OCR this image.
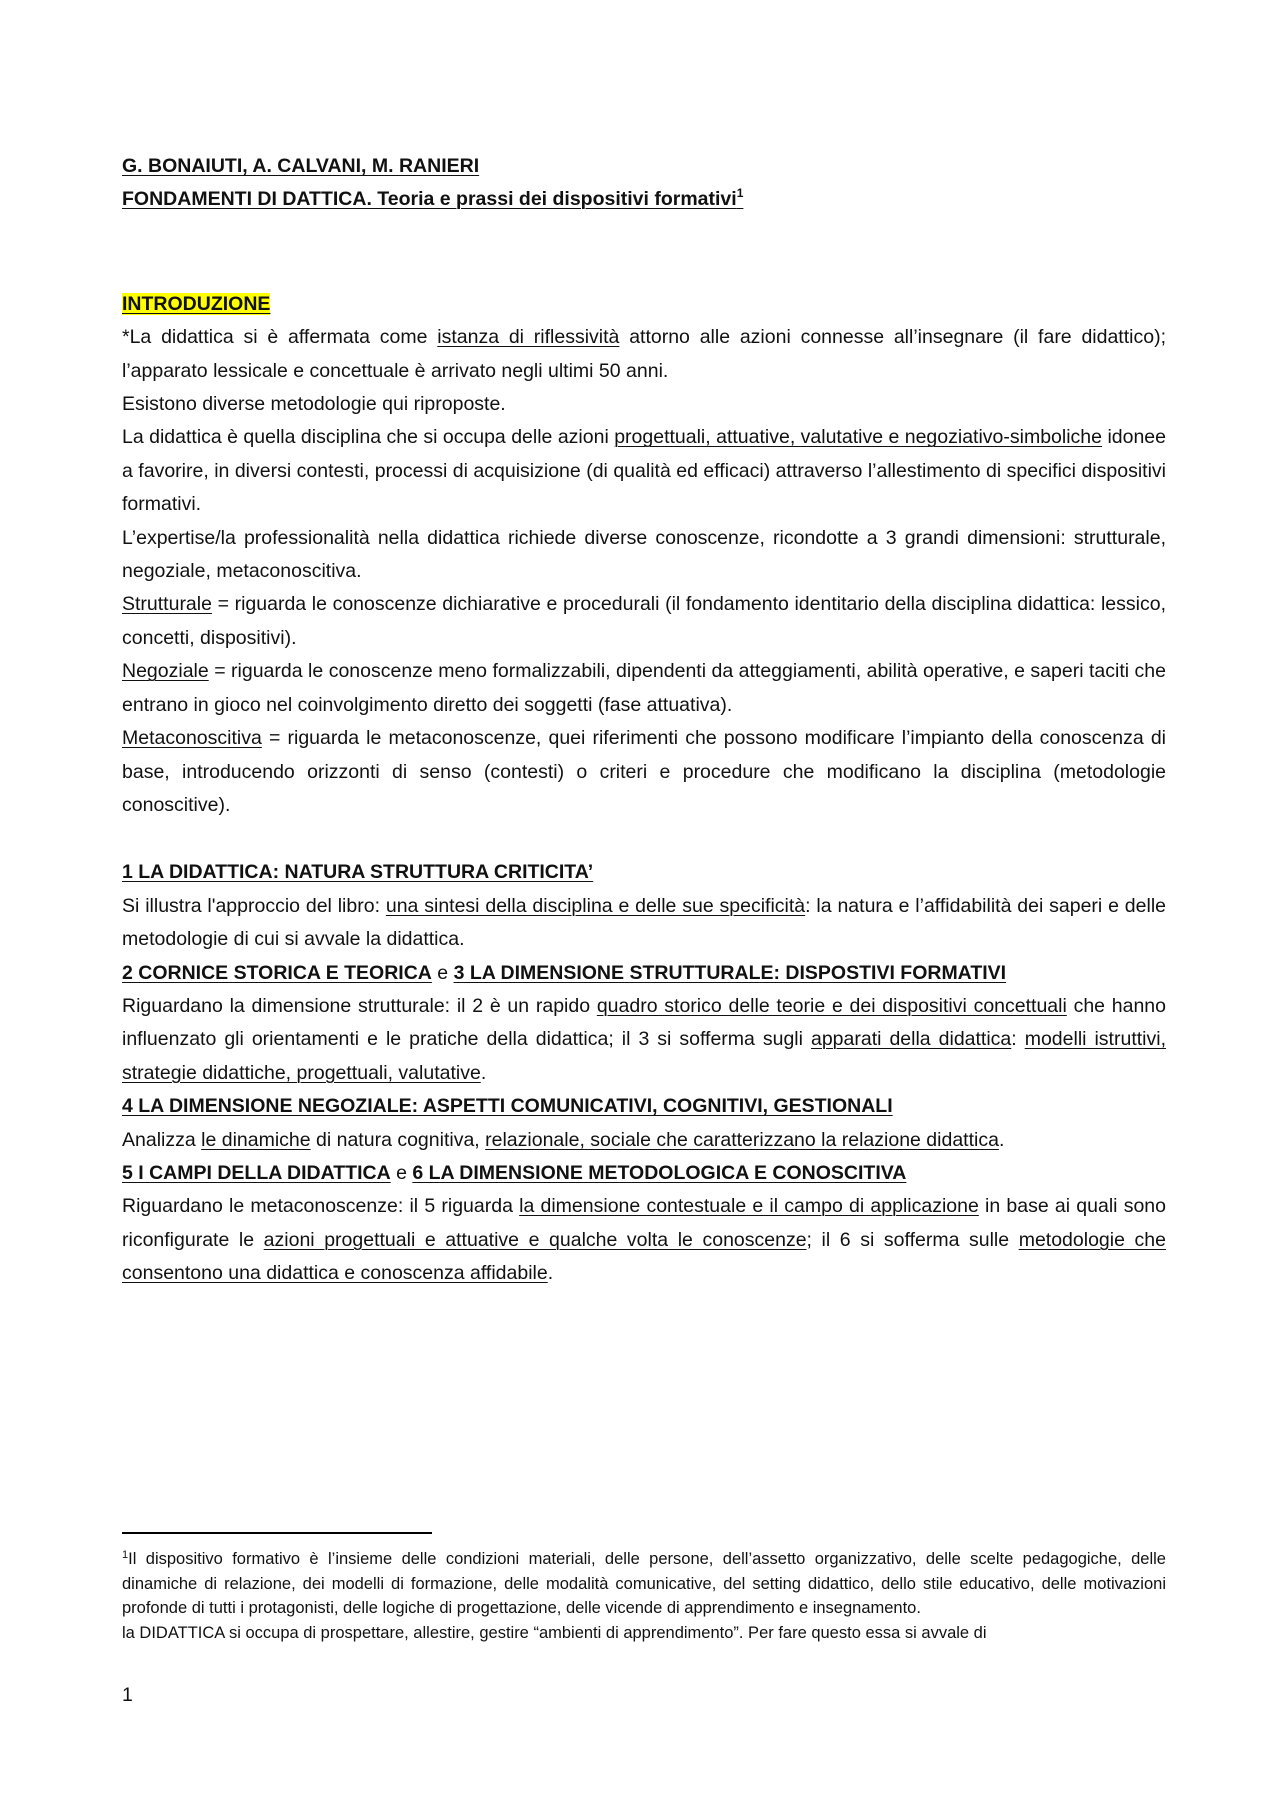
G. BONAIUTI, A. CALVANI, M. RANIERI

FONDAMENTI DI DATTICA. Teoria e prassi dei dispositivi formativi$^1$

INTRODUZIONE

*La didattica si è affermata come istanza di riflessività attorno alle azioni connesse all’insegnare (il fare didattico); l’apparato lessicale e concettuale è arrivato negli ultimi 50 anni.

Esistono diverse metodologie qui riproposte.

La didattica è quella disciplina che si occupa delle azioni progettuali, attuative, valutative e negoziativo-simboliche idonee a favorire, in diversi contesti, processi di acquisizione (di qualità ed efficaci) attraverso l’allestimento di specifici dispositivi formativi.

L’expertise/la professionalità nella didattica richiede diverse conoscenze, ricondotte a 3 grandi dimensioni: strutturale, negoziale, metaconoscitiva.

Strutturale = riguarda le conoscenze dichiarative e procedurali (il fondamento identitario della disciplina didattica: lessico, concetti, dispositivi).

Negoziale = riguarda le conoscenze meno formalizzabili, dipendenti da atteggiamenti, abilità operative, e saperi taciti che entrano in gioco nel coinvolgimento diretto dei soggetti (fase attuativa).

Metaconoscitiva = riguarda le metaconoscenze, quei riferimenti che possono modificare l’impianto della conoscenza di base, introducendo orizzonti di senso (contesti) o criteri e procedure che modificano la disciplina (metodologie conoscitive).

1 LA DIDATTICA: NATURA STRUTTURA CRITICITA’

Si illustra l'approccio del libro: una sintesi della disciplina e delle sue specificità: la natura e l’affidabilità dei saperi e delle metodologie di cui si avvale la didattica.

2 CORNICE STORICA E TEORICA e 3 LA DIMENSIONE STRUTTURALE: DISPOSTIVI FORMATIVI

Riguardano la dimensione strutturale: il 2 è un rapido quadro storico delle teorie e dei dispositivi concettuali che hanno influenzato gli orientamenti e le pratiche della didattica; il 3 si sofferma sugli apparati della didattica: modelli istruttivi, strategie didattiche, progettuali, valutative.

4 LA DIMENSIONE NEGOZIALE: ASPETTI COMUNICATIVI, COGNITIVI, GESTIONALI

Analizza le dinamiche di natura cognitiva, relazionale, sociale che caratterizzano la relazione didattica.

5 I CAMPI DELLA DIDATTICA e 6 LA DIMENSIONE METODOLOGICA E CONOSCITIVA

Riguardano le metaconoscenze: il 5 riguarda la dimensione contestuale e il campo di applicazione in base ai quali sono riconfigurate le azioni progettuali e attuative e qualche volta le conoscenze; il 6 si sofferma sulle metodologie che consentono una didattica e conoscenza affidabile.

$^1$Il dispositivo formativo è l’insieme delle condizioni materiali, delle persone, dell’assetto organizzativo, delle scelte pedagogiche, delle dinamiche di relazione, dei modelli di formazione, delle modalità comunicative, del setting didattico, dello stile educativo, delle motivazioni profonde di tutti i protagonisti, delle logiche di progettazione, delle vicende di apprendimento e insegnamento.

la DIDATTICA si occupa di prospettare, allestire, gestire “ambienti di apprendimento”. Per fare questo essa si avvale di

1
